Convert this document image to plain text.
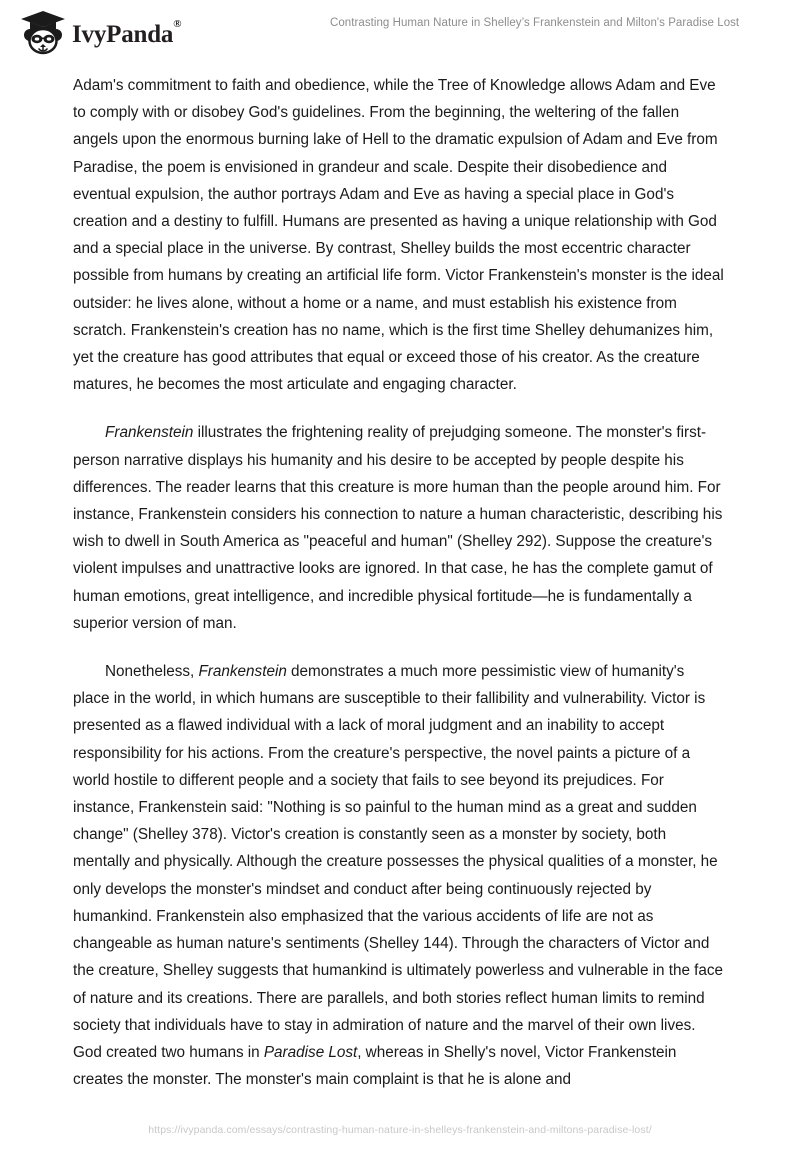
IvyPanda®	Contrasting Human Nature in Shelley’s Frankenstein and Milton's Paradise Lost

Adam's commitment to faith and obedience, while the Tree of Knowledge allows Adam and Eve to comply with or disobey God's guidelines. From the beginning, the weltering of the fallen angels upon the enormous burning lake of Hell to the dramatic expulsion of Adam and Eve from Paradise, the poem is envisioned in grandeur and scale. Despite their disobedience and eventual expulsion, the author portrays Adam and Eve as having a special place in God's creation and a destiny to fulfill. Humans are presented as having a unique relationship with God and a special place in the universe. By contrast, Shelley builds the most eccentric character possible from humans by creating an artificial life form. Victor Frankenstein's monster is the ideal outsider: he lives alone, without a home or a name, and must establish his existence from scratch. Frankenstein's creation has no name, which is the first time Shelley dehumanizes him, yet the creature has good attributes that equal or exceed those of his creator. As the creature matures, he becomes the most articulate and engaging character.

Frankenstein illustrates the frightening reality of prejudging someone. The monster's first-person narrative displays his humanity and his desire to be accepted by people despite his differences. The reader learns that this creature is more human than the people around him. For instance, Frankenstein considers his connection to nature a human characteristic, describing his wish to dwell in South America as "peaceful and human" (Shelley 292). Suppose the creature's violent impulses and unattractive looks are ignored. In that case, he has the complete gamut of human emotions, great intelligence, and incredible physical fortitude—he is fundamentally a superior version of man.

Nonetheless, Frankenstein demonstrates a much more pessimistic view of humanity's place in the world, in which humans are susceptible to their fallibility and vulnerability. Victor is presented as a flawed individual with a lack of moral judgment and an inability to accept responsibility for his actions. From the creature's perspective, the novel paints a picture of a world hostile to different people and a society that fails to see beyond its prejudices. For instance, Frankenstein said: "Nothing is so painful to the human mind as a great and sudden change" (Shelley 378). Victor's creation is constantly seen as a monster by society, both mentally and physically. Although the creature possesses the physical qualities of a monster, he only develops the monster's mindset and conduct after being continuously rejected by humankind. Frankenstein also emphasized that the various accidents of life are not as changeable as human nature's sentiments (Shelley 144). Through the characters of Victor and the creature, Shelley suggests that humankind is ultimately powerless and vulnerable in the face of nature and its creations. There are parallels, and both stories reflect human limits to remind society that individuals have to stay in admiration of nature and the marvel of their own lives. God created two humans in Paradise Lost, whereas in Shelly's novel, Victor Frankenstein creates the monster. The monster's main complaint is that he is alone and

https://ivypanda.com/essays/contrasting-human-nature-in-shelleys-frankenstein-and-miltons-paradise-lost/
